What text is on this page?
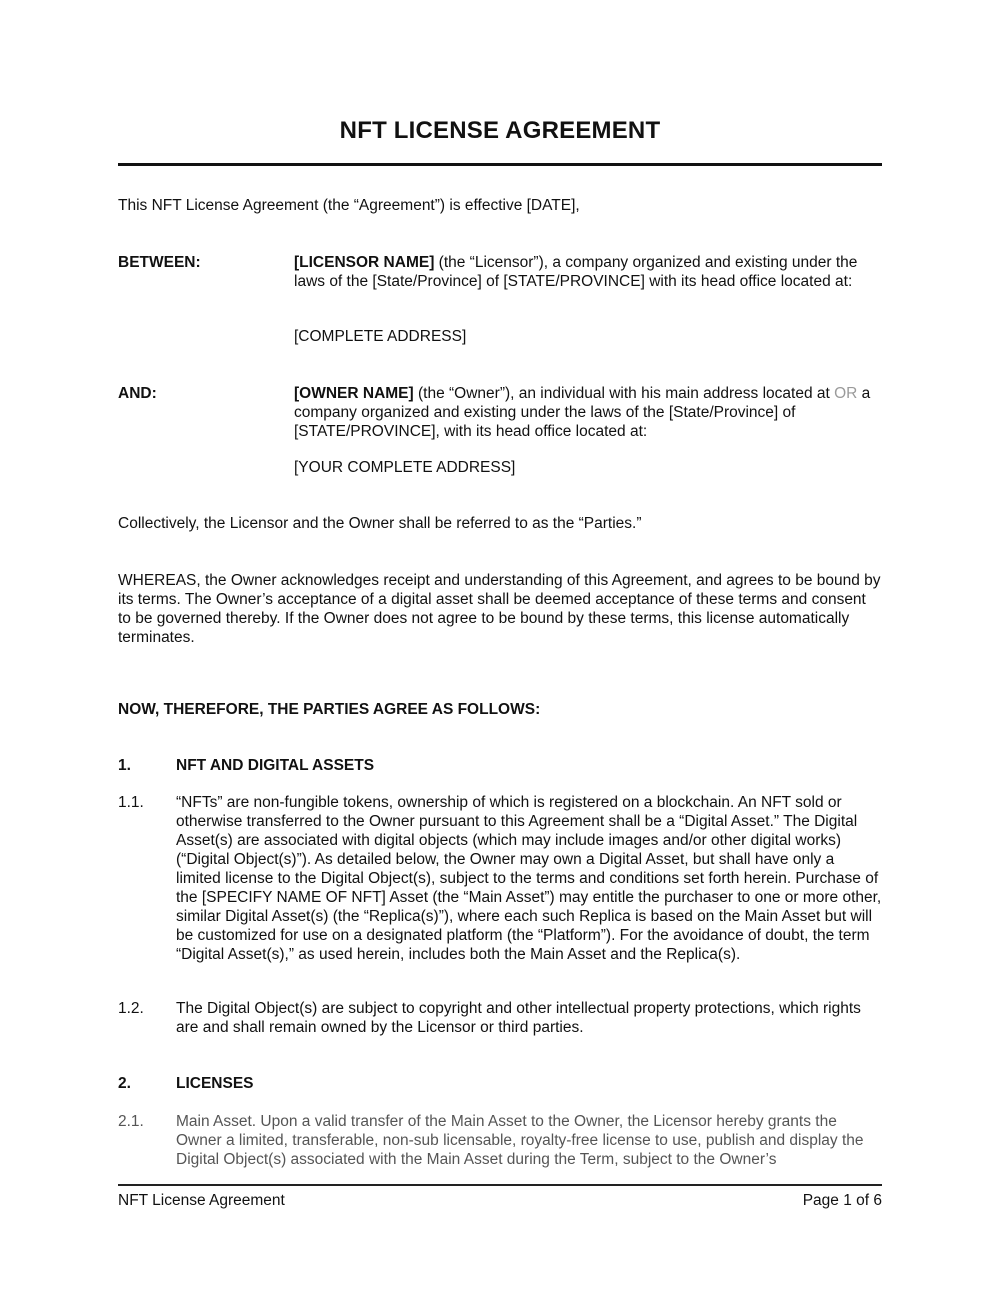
NFT LICENSE AGREEMENT
This NFT License Agreement (the “Agreement”) is effective [DATE],
BETWEEN:	[LICENSOR NAME] (the “Licensor”), a company organized and existing under the laws of the [State/Province] of [STATE/PROVINCE] with its head office located at:
[COMPLETE ADDRESS]
AND:	[OWNER NAME] (the “Owner”), an individual with his main address located at OR a company organized and existing under the laws of the [State/Province] of [STATE/PROVINCE], with its head office located at:
[YOUR COMPLETE ADDRESS]
Collectively, the Licensor and the Owner shall be referred to as the “Parties.”
WHEREAS, the Owner acknowledges receipt and understanding of this Agreement, and agrees to be bound by its terms. The Owner’s acceptance of a digital asset shall be deemed acceptance of these terms and consent to be governed thereby. If the Owner does not agree to be bound by these terms, this license automatically terminates.
NOW, THEREFORE, THE PARTIES AGREE AS FOLLOWS:
1.	NFT AND DIGITAL ASSETS
1.1. “NFTs” are non-fungible tokens, ownership of which is registered on a blockchain. An NFT sold or otherwise transferred to the Owner pursuant to this Agreement shall be a “Digital Asset.” The Digital Asset(s) are associated with digital objects (which may include images and/or other digital works) (“Digital Object(s)”). As detailed below, the Owner may own a Digital Asset, but shall have only a limited license to the Digital Object(s), subject to the terms and conditions set forth herein. Purchase of the [SPECIFY NAME OF NFT] Asset (the “Main Asset”) may entitle the purchaser to one or more other, similar Digital Asset(s) (the “Replica(s)”), where each such Replica is based on the Main Asset but will be customized for use on a designated platform (the “Platform”). For the avoidance of doubt, the term “Digital Asset(s),” as used herein, includes both the Main Asset and the Replica(s).
1.2. The Digital Object(s) are subject to copyright and other intellectual property protections, which rights are and shall remain owned by the Licensor or third parties.
2.	LICENSES
2.1. Main Asset. Upon a valid transfer of the Main Asset to the Owner, the Licensor hereby grants the Owner a limited, transferable, non-sub licensable, royalty-free license to use, publish and display the Digital Object(s) associated with the Main Asset during the Term, subject to the Owner’s
NFT License Agreement	Page 1 of 6
